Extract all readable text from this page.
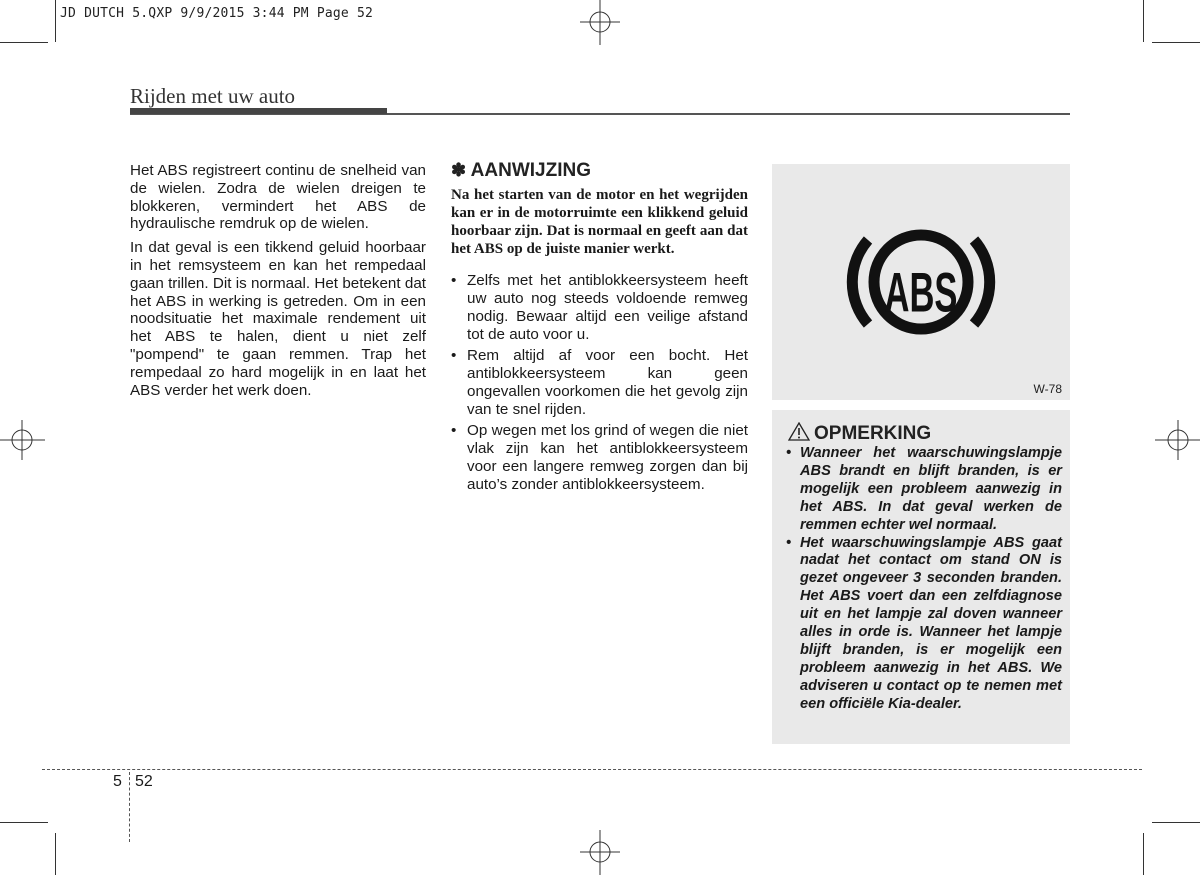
JD DUTCH 5.QXP 9/9/2015 3:44 PM Page 52
Rijden met uw auto

Het ABS registreert continu de snelheid van de wielen. Zodra de wielen dreigen te blokkeren, vermindert het ABS de hydraulische remdruk op de wielen.

In dat geval is een tikkend geluid hoorbaar in het remsysteem en kan het rempedaal gaan trillen. Dit is normaal. Het betekent dat het ABS in werking is getreden. Om in een noodsituatie het maximale rendement uit het ABS te halen, dient u niet zelf "pompend" te gaan remmen. Trap het rempedaal zo hard mogelijk in en laat het ABS verder het werk doen.

✽ AANWIJZING

Na het starten van de motor en het wegrijden kan er in de motorruimte een klikkend geluid hoorbaar zijn. Dat is normaal en geeft aan dat het ABS op de juiste manier werkt.

• Zelfs met het antiblokkeersysteem heeft uw auto nog steeds voldoende remweg nodig. Bewaar altijd een veilige afstand tot de auto voor u.
• Rem altijd af voor een bocht. Het antiblokkeersysteem kan geen ongevallen voorkomen die het gevolg zijn van te snel rijden.
• Op wegen met los grind of wegen die niet vlak zijn kan het antiblokkeersysteem voor een langere remweg zorgen dan bij auto’s zonder antiblokkeersysteem.
ABS
W-78
OPMERKING
• Wanneer het waarschuwingslampje ABS brandt en blijft branden, is er mogelijk een probleem aanwezig in het ABS. In dat geval werken de remmen echter wel normaal.
• Het waarschuwingslampje ABS gaat nadat het contact om stand ON is gezet ongeveer 3 seconden branden. Het ABS voert dan een zelfdiagnose uit en het lampje zal doven wanneer alles in orde is. Wanneer het lampje blijft branden, is er mogelijk een probleem aanwezig in het ABS. We adviseren u contact op te nemen met een officiële Kia-dealer.
5 52
